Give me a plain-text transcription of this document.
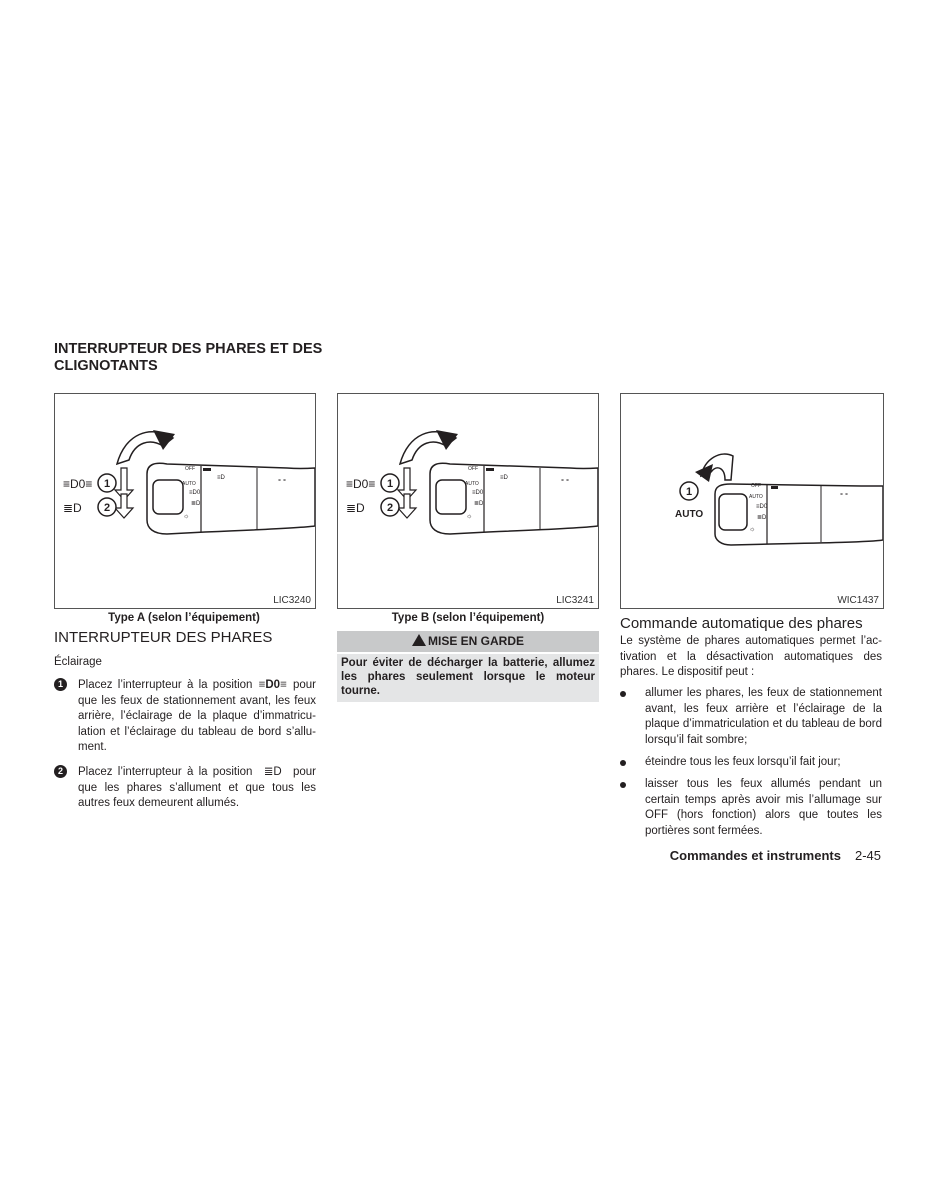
INTERRUPTEUR DES PHARES ET DES CLIGNOTANTS
1
2
≡D0≡
≣D
OFF
AUTO
≡D0
≣D
☼
≡D	⚬⚬
LIC3240
Type A (selon l’équipement)
1
2
≡D0≡
≣D
OFF
AUTO
≡D0
≣D
☼
≡D	⚬⚬
LIC3241
Type B (selon l’équipement)
1
AUTO
OFF
AUTO
≡D0
≣D
☼
⚬⚬
WIC1437
INTERRUPTEUR DES PHARES
Éclairage
1	Placez l’interrupteur à la position ≡D0≡ pour que les feux de stationnement avant, les feux arrière, l’éclairage de la plaque d’immatriculation et l’éclairage du tableau de bord s’allument.
2	Placez l’interrupteur à la position ≣D pour que les phares s’allument et que tous les autres feux demeurent allumés.
MISE EN GARDE
Pour éviter de décharger la batterie, allumez les phares seulement lorsque le moteur tourne.
Commande automatique des phares
Le système de phares automatiques permet l’activation et la désactivation automatiques des phares. Le dispositif peut :
allumer les phares, les feux de stationnement avant, les feux arrière et l’éclairage de la plaque d’immatriculation et du tableau de bord lorsqu’il fait sombre;
éteindre tous les feux lorsqu’il fait jour;
laisser tous les feux allumés pendant un certain temps après avoir mis l’allumage sur OFF (hors fonction) alors que toutes les portières sont fermées.
Commandes et instruments 2-45
